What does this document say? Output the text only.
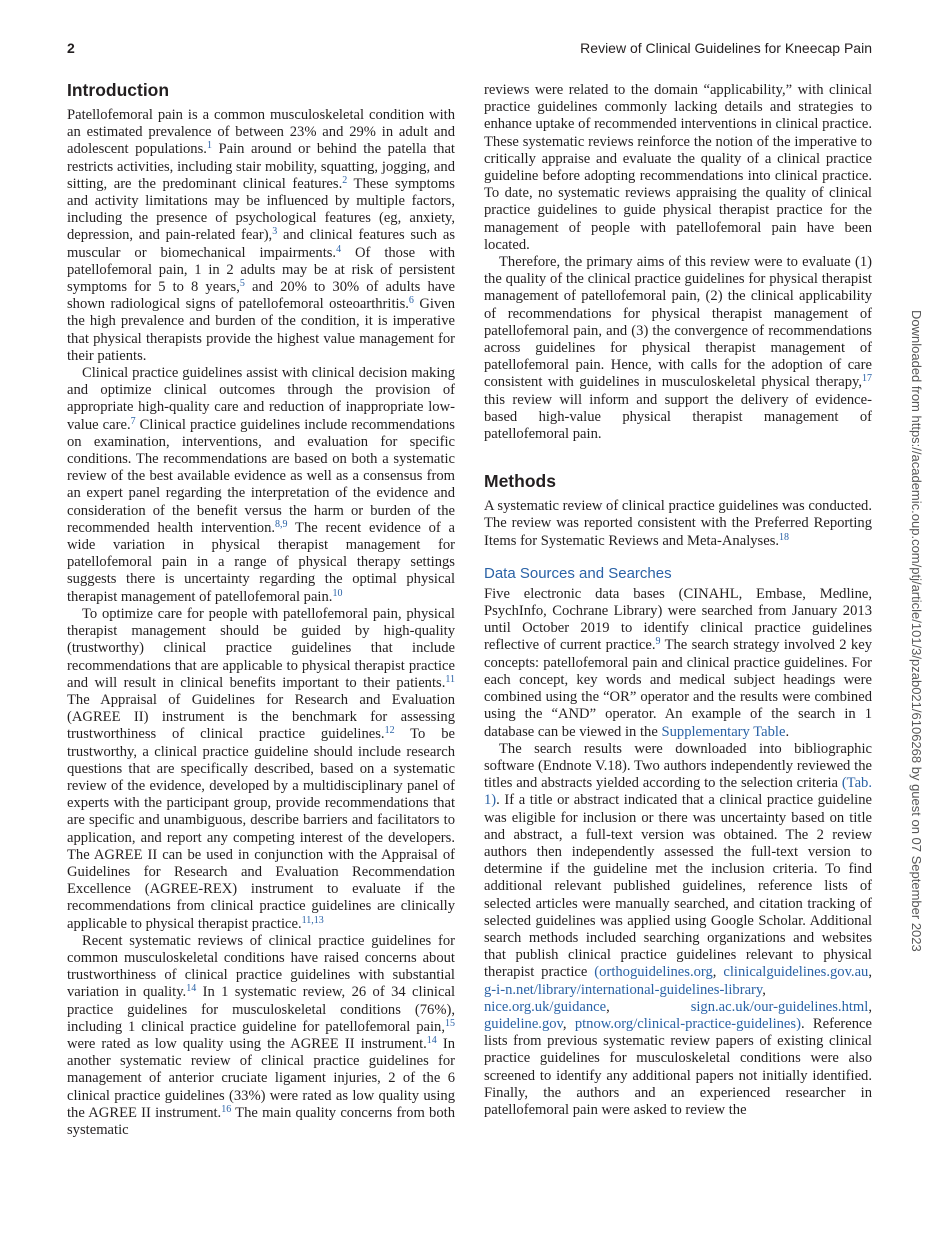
2	Review of Clinical Guidelines for Kneecap Pain
Introduction

Patellofemoral pain is a common musculoskeletal condition with an estimated prevalence of between 23% and 29% in adult and adolescent populations.$^1$ Pain around or behind the patella that restricts activities, including stair mobility, squatting, jogging, and sitting, are the predominant clinical features.$^2$ These symptoms and activity limitations may be influenced by multiple factors, including the presence of psychological features (eg, anxiety, depression, and pain-related fear),$^3$ and clinical features such as muscular or biomechanical impairments.$^4$ Of those with patellofemoral pain, 1 in 2 adults may be at risk of persistent symptoms for 5 to 8 years,$^5$ and 20% to 30% of adults have shown radiological signs of patellofemoral osteoarthritis.$^6$ Given the high prevalence and burden of the condition, it is imperative that physical therapists provide the highest value management for their patients.

Clinical practice guidelines assist with clinical decision making and optimize clinical outcomes through the provision of appropriate high-quality care and reduction of inappropriate low-value care.$^7$ Clinical practice guidelines include recommendations on examination, interventions, and evaluation for specific conditions. The recommendations are based on both a systematic review of the best available evidence as well as a consensus from an expert panel regarding the interpretation of the evidence and consideration of the benefit versus the harm or burden of the recommended health intervention.$^{8,9}$ The recent evidence of a wide variation in physical therapist management for patellofemoral pain in a range of physical therapy settings suggests there is uncertainty regarding the optimal physical therapist management of patellofemoral pain.$^{10}$

To optimize care for people with patellofemoral pain, physical therapist management should be guided by high-quality (trustworthy) clinical practice guidelines that include recommendations that are applicable to physical therapist practice and will result in clinical benefits important to their patients.$^{11}$ The Appraisal of Guidelines for Research and Evaluation (AGREE II) instrument is the benchmark for assessing trustworthiness of clinical practice guidelines.$^{12}$ To be trustworthy, a clinical practice guideline should include research questions that are specifically described, based on a systematic review of the evidence, developed by a multidisciplinary panel of experts with the participant group, provide recommendations that are specific and unambiguous, describe barriers and facilitators to application, and report any competing interest of the developers. The AGREE II can be used in conjunction with the Appraisal of Guidelines for Research and Evaluation Recommendation Excellence (AGREE-REX) instrument to evaluate if the recommendations from clinical practice guidelines are clinically applicable to physical therapist practice.$^{11,13}$

Recent systematic reviews of clinical practice guidelines for common musculoskeletal conditions have raised concerns about trustworthiness of clinical practice guidelines with substantial variation in quality.$^{14}$ In 1 systematic review, 26 of 34 clinical practice guidelines for musculoskeletal conditions (76%), including 1 clinical practice guideline for patellofemoral pain,$^{15}$ were rated as low quality using the AGREE II instrument.$^{14}$ In another systematic review of clinical practice guidelines for management of anterior cruciate ligament injuries, 2 of the 6 clinical practice guidelines (33%) were rated as low quality using the AGREE II instrument.$^{16}$ The main quality concerns from both systematic

reviews were related to the domain “applicability,” with clinical practice guidelines commonly lacking details and strategies to enhance uptake of recommended interventions in clinical practice. These systematic reviews reinforce the notion of the imperative to critically appraise and evaluate the quality of a clinical practice guideline before adopting recommendations into clinical practice. To date, no systematic reviews appraising the quality of clinical practice guidelines to guide physical therapist practice for the management of people with patellofemoral pain have been located.

Therefore, the primary aims of this review were to evaluate (1) the quality of the clinical practice guidelines for physical therapist management of patellofemoral pain, (2) the clinical applicability of recommendations for physical therapist management of patellofemoral pain, and (3) the convergence of recommendations across guidelines for physical therapist management of patellofemoral pain. Hence, with calls for the adoption of care consistent with guidelines in musculoskeletal physical therapy,$^{17}$ this review will inform and support the delivery of evidence-based high-value physical therapist management of patellofemoral pain.

Methods

A systematic review of clinical practice guidelines was conducted. The review was reported consistent with the Preferred Reporting Items for Systematic Reviews and Meta-Analyses.$^{18}$

Data Sources and Searches

Five electronic data bases (CINAHL, Embase, Medline, PsychInfo, Cochrane Library) were searched from January 2013 until October 2019 to identify clinical practice guidelines reflective of current practice.$^9$ The search strategy involved 2 key concepts: patellofemoral pain and clinical practice guidelines. For each concept, key words and medical subject headings were combined using the “OR” operator and the results were combined using the “AND” operator. An example of the search in 1 database can be viewed in the Supplementary Table.

The search results were downloaded into bibliographic software (Endnote V.18). Two authors independently reviewed the titles and abstracts yielded according to the selection criteria (Tab. 1). If a title or abstract indicated that a clinical practice guideline was eligible for inclusion or there was uncertainty based on title and abstract, a full-text version was obtained. The 2 review authors then independently assessed the full-text version to determine if the guideline met the inclusion criteria. To find additional relevant published guidelines, reference lists of selected articles were manually searched, and citation tracking of selected guidelines was applied using Google Scholar. Additional search methods included searching organizations and websites that publish clinical practice guidelines relevant to physical therapist practice (orthoguidelines.org, clinicalguidelines.gov.au, g-i-n.net/library/international-guidelines-library, nice.org.uk/guidance, sign.ac.uk/our-guidelines.html, guideline.gov, ptnow.org/clinical-practice-guidelines). Reference lists from previous systematic review papers of existing clinical practice guidelines for musculoskeletal conditions were also screened to identify any additional papers not initially identified. Finally, the authors and an experienced researcher in patellofemoral pain were asked to review the

Downloaded from https://academic.oup.com/ptj/article/101/3/pzab021/6106268 by guest on 07 September 2023
